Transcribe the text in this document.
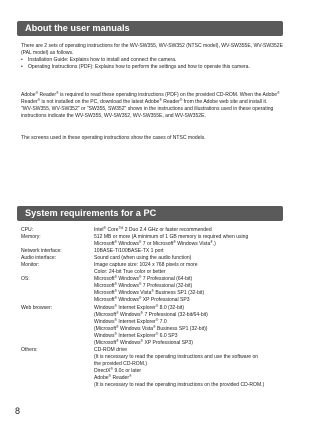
About the user manuals

There are 2 sets of operating instructions for the WV-SW355, WV-SW352 (NTSC model), WV-SW355E, WV-SW352E (PAL model) as follows.

• Installation Guide: Explains how to install and connect the camera.
• Operating Instructions (PDF): Explains how to perform the settings and how to operate this camera.

Adobe® Reader® is required to read these operating instructions (PDF) on the provided CD-ROM. When the Adobe® Reader® is not installed on the PC, download the latest Adobe® Reader® from the Adobe web site and install it.

"WV-SW355, WV-SW352" or "SW355, SW352" shown in the instructions and illustrations used in these operating instructions indicate the WV-SW355, WV-SW352, WV-SW355E, and WV-SW352E.

The screens used in these operating instructions show the cases of NTSC models.

System requirements for a PC
CPU:	Intel® Core™ 2 Duo 2.4 GHz or faster recommended
Memory:	512 MB or more (A minimum of 1 GB memory is required when using
Microsoft® Windows® 7 or Microsoft® Windows Vista®.)
Network interface:	10BASE-T/100BASE-TX 1 port
Audio interface:	Sound card (when using the audio function)
Monitor:	Image capture size: 1024 x 768 pixels or more
Color: 24-bit True color or better
OS:	Microsoft® Windows® 7 Professional (64-bit)
Microsoft® Windows® 7 Professional (32-bit)
Microsoft® Windows Vista® Business SP1 (32-bit)
Microsoft® Windows® XP Professional SP3
Web browser:	Windows® Internet Explorer® 8.0 (32-bit)
(Microsoft® Windows® 7 Professional (32-bit/64-bit)
Windows® Internet Explorer® 7.0
(Microsoft® Windows Vista® Business SP1 (32-bit))
Windows® Internet Explorer® 6.0 SP3
(Microsoft® Windows® XP Professional SP3)
Others:	CD-ROM drive
(It is necessary to read the operating instructions and use the software on
the provided CD-ROM.)
DirectX® 9.0c or later
Adobe® Reader®
(It is necessary to read the operating instructions on the provided CD-ROM.)
8
